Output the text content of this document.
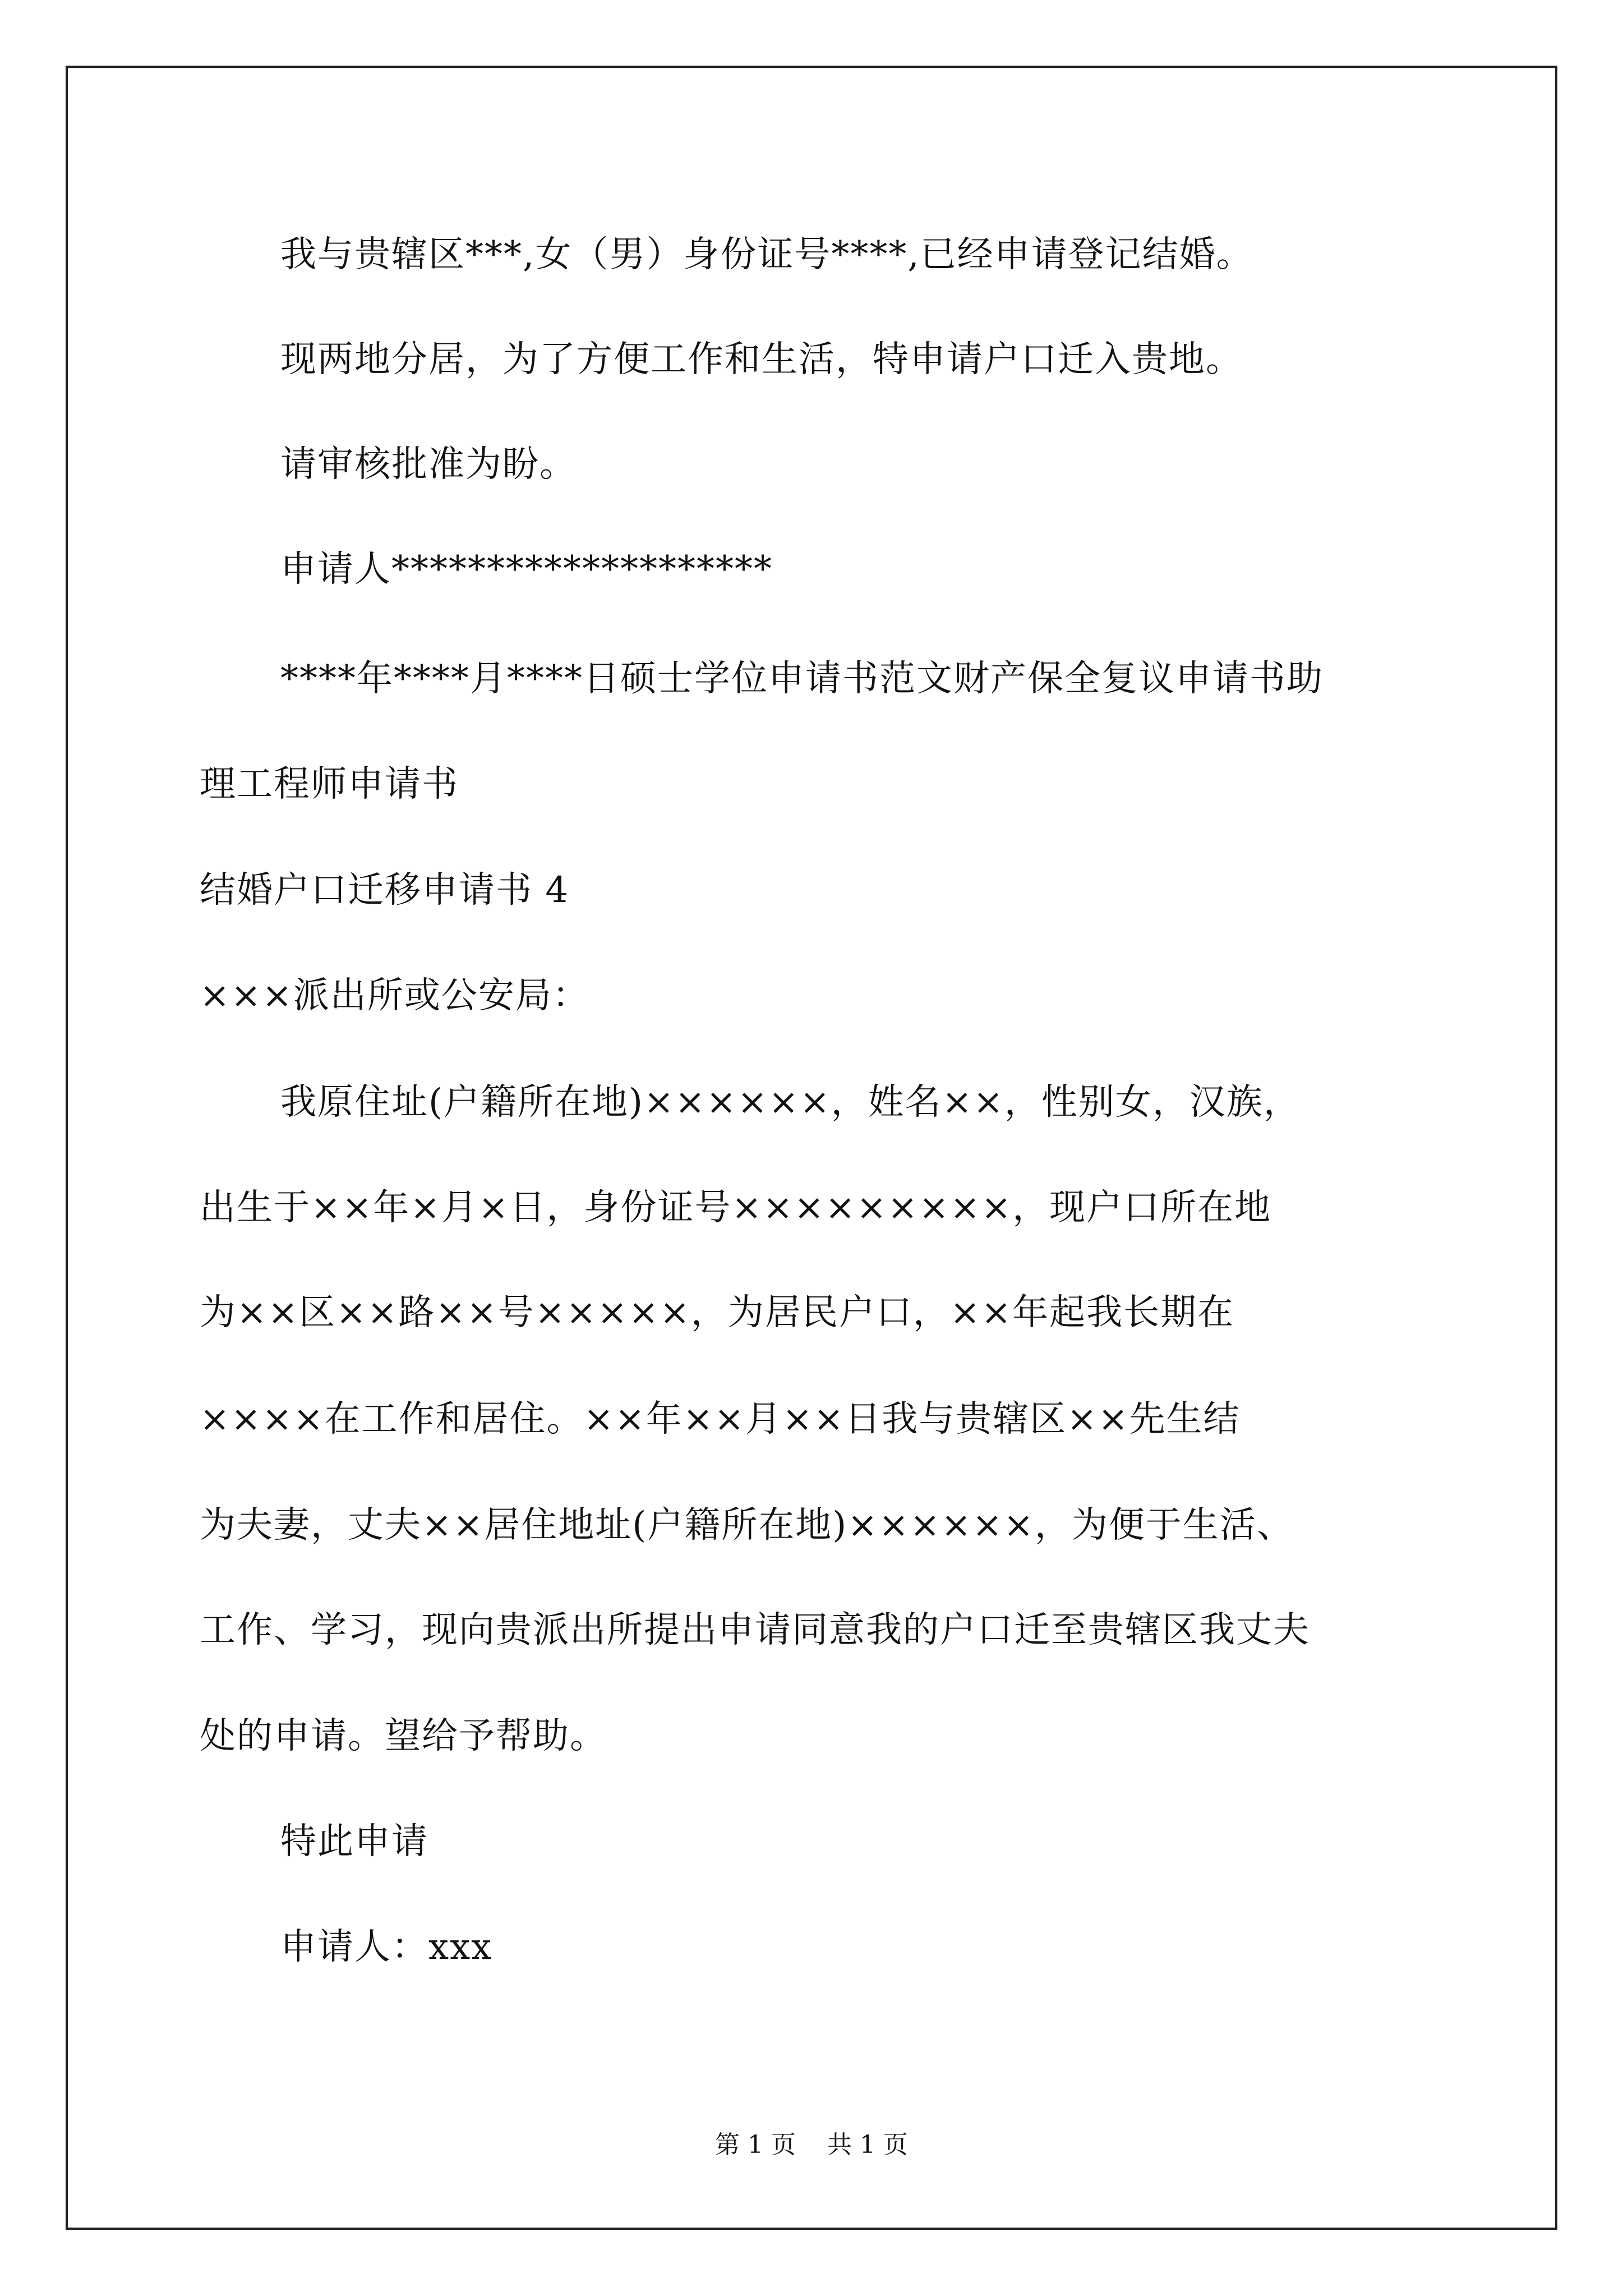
我与贵辖区***,女（男）身份证号****,已经申请登记结婚。
现两地分居，为了方便工作和生活，特申请户口迁入贵地。
请审核批准为盼。
申请人********************
****年****月****日硕士学位申请书范文财产保全复议申请书助
理工程师申请书
结婚户口迁移申请书 4
×××派出所或公安局：
我原住址(户籍所在地)××××××，姓名××，性别女，汉族，
出生于××年×月×日，身份证号×××××××××，现户口所在地
为××区××路××号×××××，为居民户口，××年起我长期在
××××在工作和居住。××年××月××日我与贵辖区××先生结
为夫妻，丈夫××居住地址(户籍所在地)××××××，为便于生活、
工作、学习，现向贵派出所提出申请同意我的户口迁至贵辖区我丈夫
处的申请。望给予帮助。
特此申请
申请人：xxx
第 1 页    共 1 页
